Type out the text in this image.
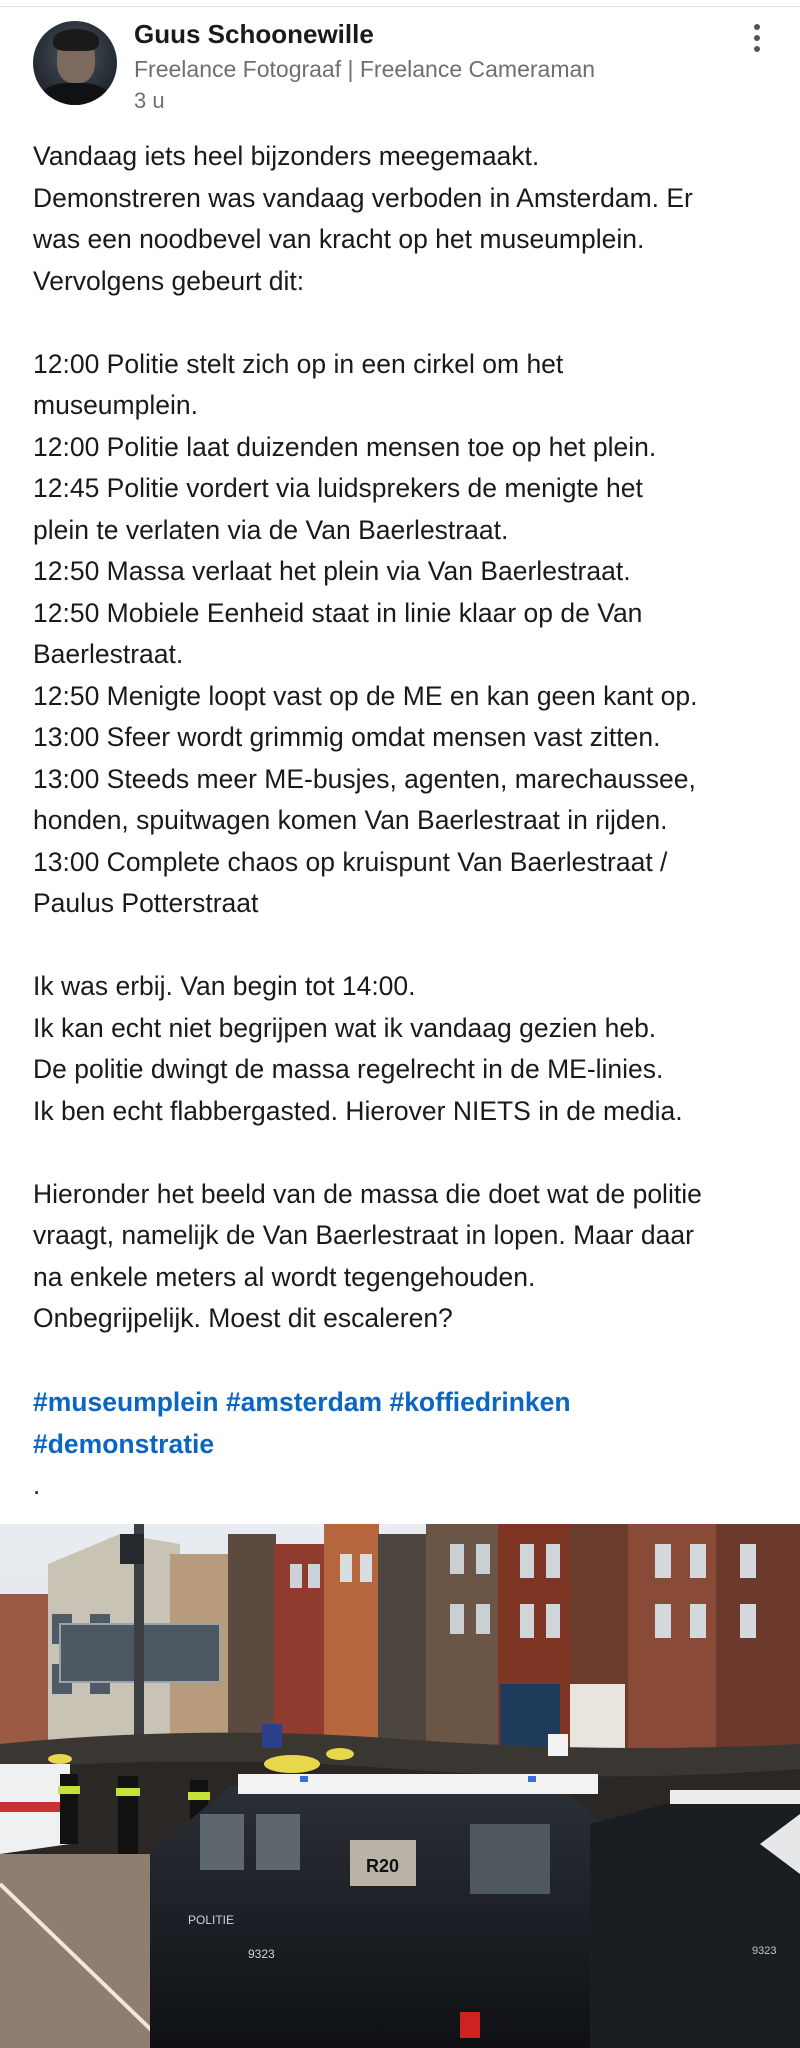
Guus Schoonewille
Freelance Fotograaf | Freelance Cameraman
3 u
Vandaag iets heel bijzonders meegemaakt.
Demonstreren was vandaag verboden in Amsterdam. Er
was een noodbevel van kracht op het museumplein.
Vervolgens gebeurt dit:
12:00 Politie stelt zich op in een cirkel om het
museumplein.
12:00 Politie laat duizenden mensen toe op het plein.
12:45 Politie vordert via luidsprekers de menigte het
plein te verlaten via de Van Baerlestraat.
12:50 Massa verlaat het plein via Van Baerlestraat.
12:50 Mobiele Eenheid staat in linie klaar op de Van
Baerlestraat.
12:50 Menigte loopt vast op de ME en kan geen kant op.
13:00 Sfeer wordt grimmig omdat mensen vast zitten.
13:00 Steeds meer ME-busjes, agenten, marechaussee,
honden, spuitwagen komen Van Baerlestraat in rijden.
13:00 Complete chaos op kruispunt Van Baerlestraat /
Paulus Potterstraat
Ik was erbij. Van begin tot 14:00.
Ik kan echt niet begrijpen wat ik vandaag gezien heb.
De politie dwingt de massa regelrecht in de ME-linies.
Ik ben echt flabbergasted. Hierover NIETS in de media.
Hieronder het beeld van de massa die doet wat de politie
vraagt, namelijk de Van Baerlestraat in lopen. Maar daar
na enkele meters al wordt tegengehouden.
Onbegrijpelijk. Moest dit escaleren?
#museumplein #amsterdam #koffiedrinken
#demonstratie
.
R20
POLITIE
9323	9323
